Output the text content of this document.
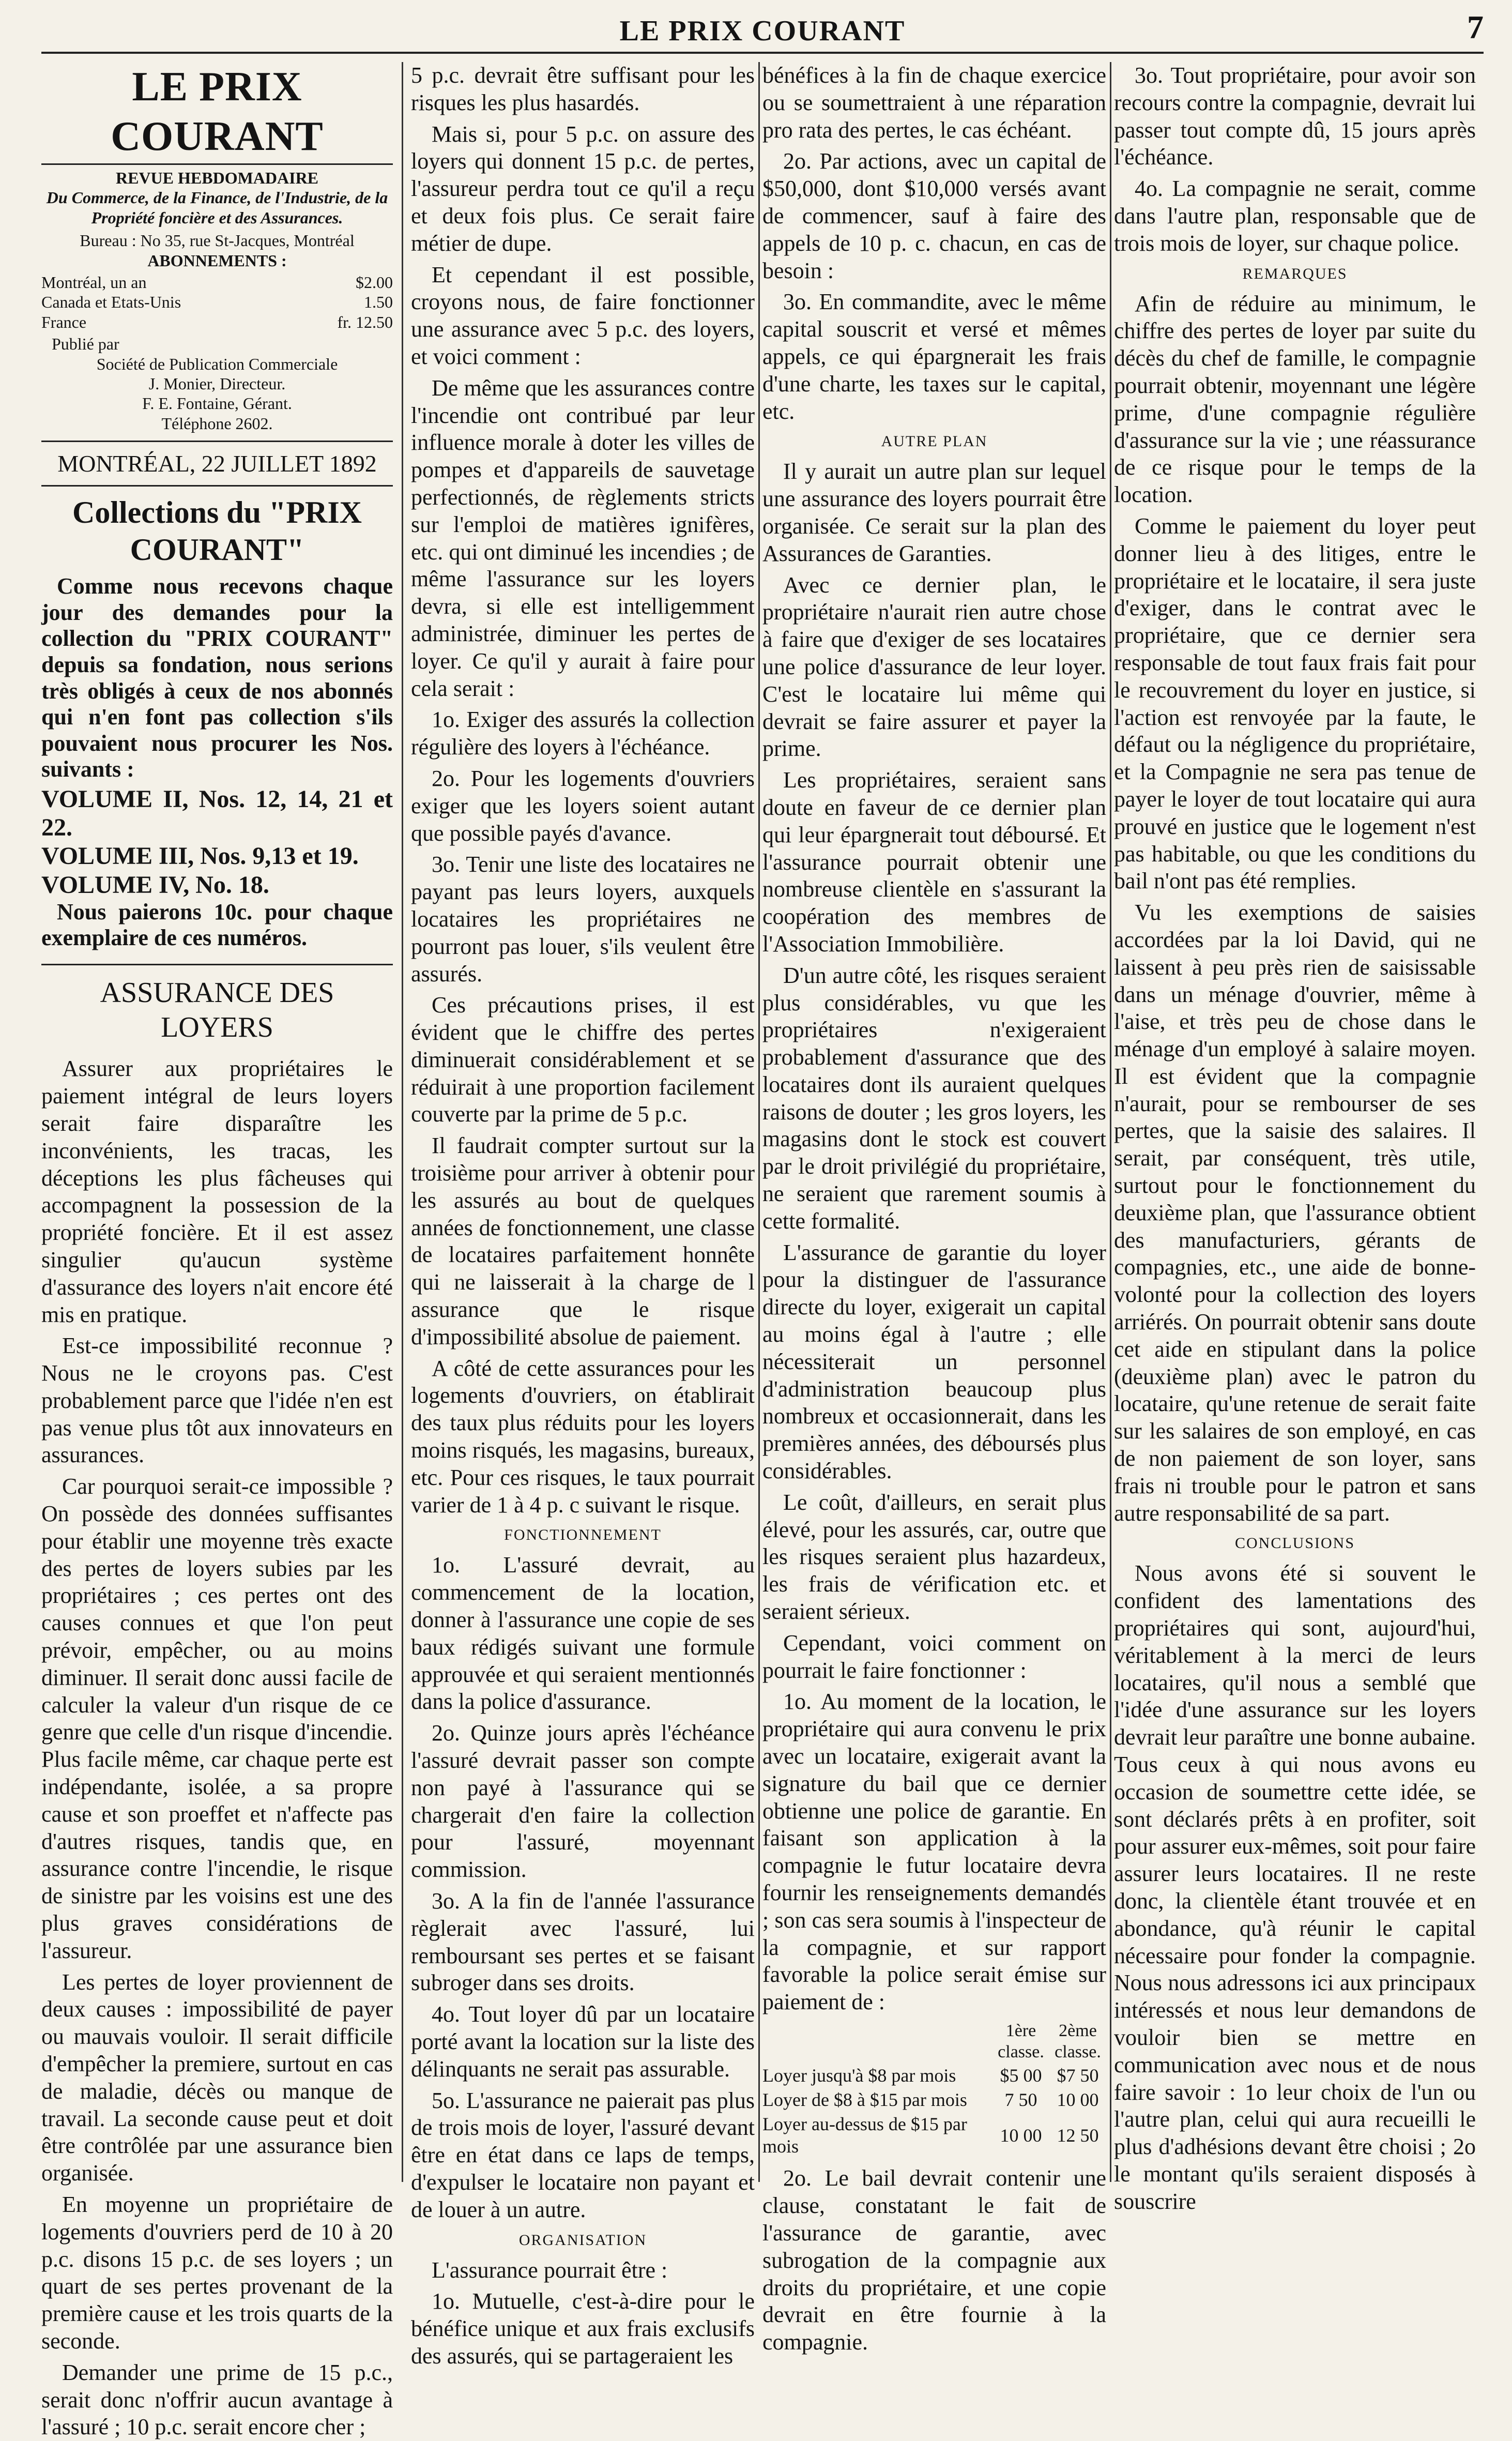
LE PRIX COURANT	7
LE PRIX COURANT
REVUE HEBDOMADAIRE
Du Commerce, de la Finance, de l'Industrie, de la Propriété foncière et des Assurances.
Bureau : No 35, rue St-Jacques, Montréal
ABONNEMENTS :
Montréal, un an	$2.00
Canada et Etats-Unis	1.50
France	fr. 12.50
Publié par
Société de Publication Commerciale
J. Monier, Directeur.
F. E. Fontaine, Gérant.
Téléphone 2602.
MONTRÉAL, 22 JUILLET 1892
Collections du "PRIX COURANT"

Comme nous recevons chaque jour des demandes pour la collection du "PRIX COURANT" depuis sa fondation, nous serions très obligés à ceux de nos abonnés qui n'en font pas collection s'ils pouvaient nous procurer les Nos. suivants :

VOLUME II, Nos. 12, 14, 21 et 22.

VOLUME III, Nos. 9,13 et 19.

VOLUME IV, No. 18.

Nous paierons 10c. pour chaque exemplaire de ces numéros.

ASSURANCE DES LOYERS

Assurer aux propriétaires le paiement intégral de leurs loyers serait faire disparaître les inconvénients, les tracas, les déceptions les plus fâcheuses qui accompagnent la possession de la propriété foncière. Et il est assez singulier qu'aucun système d'assurance des loyers n'ait encore été mis en pratique.

Est-ce impossibilité reconnue ? Nous ne le croyons pas. C'est probablement parce que l'idée n'en est pas venue plus tôt aux innovateurs en assurances.

Car pourquoi serait-ce impossible ? On possède des données suffisantes pour établir une moyenne très exacte des pertes de loyers subies par les propriétaires ; ces pertes ont des causes connues et que l'on peut prévoir, empêcher, ou au moins diminuer. Il serait donc aussi facile de calculer la valeur d'un risque de ce genre que celle d'un risque d'incendie. Plus facile même, car chaque perte est indépendante, isolée, a sa propre cause et son proeffet et n'affecte pas d'autres risques, tandis que, en assurance contre l'incendie, le risque de sinistre par les voisins est une des plus graves considérations de l'assureur.

Les pertes de loyer proviennent de deux causes : impossibilité de payer ou mauvais vouloir. Il serait difficile d'empêcher la premiere, surtout en cas de maladie, décès ou manque de travail. La seconde cause peut et doit être contrôlée par une assurance bien organisée.

En moyenne un propriétaire de logements d'ouvriers perd de 10 à 20 p.c. disons 15 p.c. de ses loyers ; un quart de ses pertes provenant de la première cause et les trois quarts de la seconde.

Demander une prime de 15 p.c., serait donc n'offrir aucun avantage à l'assuré ; 10 p.c. serait encore cher ;

5 p.c. devrait être suffisant pour les risques les plus hasardés.

Mais si, pour 5 p.c. on assure des loyers qui donnent 15 p.c. de pertes, l'assureur perdra tout ce qu'il a reçu et deux fois plus. Ce serait faire métier de dupe.

Et cependant il est possible, croyons nous, de faire fonctionner une assurance avec 5 p.c. des loyers, et voici comment :

De même que les assurances contre l'incendie ont contribué par leur influence morale à doter les villes de pompes et d'appareils de sauvetage perfectionnés, de règlements stricts sur l'emploi de matières ignifères, etc. qui ont diminué les incendies ; de même l'assurance sur les loyers devra, si elle est intelligemment administrée, diminuer les pertes de loyer. Ce qu'il y aurait à faire pour cela serait :

1o. Exiger des assurés la collection régulière des loyers à l'échéance.

2o. Pour les logements d'ouvriers exiger que les loyers soient autant que possible payés d'avance.

3o. Tenir une liste des locataires ne payant pas leurs loyers, auxquels locataires les propriétaires ne pourront pas louer, s'ils veulent être assurés.

Ces précautions prises, il est évident que le chiffre des pertes diminuerait considérablement et se réduirait à une proportion facilement couverte par la prime de 5 p.c.

Il faudrait compter surtout sur la troisième pour arriver à obtenir pour les assurés au bout de quelques années de fonctionnement, une classe de locataires parfaitement honnête qui ne laisserait à la charge de l assurance que le risque d'impossibilité absolue de paiement.

A côté de cette assurances pour les logements d'ouvriers, on établirait des taux plus réduits pour les loyers moins risqués, les magasins, bureaux, etc. Pour ces risques, le taux pourrait varier de 1 à 4 p. c suivant le risque.

FONCTIONNEMENT

1o. L'assuré devrait, au commencement de la location, donner à l'assurance une copie de ses baux rédigés suivant une formule approuvée et qui seraient mentionnés dans la police d'assurance.

2o. Quinze jours après l'échéance l'assuré devrait passer son compte non payé à l'assurance qui se chargerait d'en faire la collection pour l'assuré, moyennant commission.

3o. A la fin de l'année l'assurance règlerait avec l'assuré, lui remboursant ses pertes et se faisant subroger dans ses droits.

4o. Tout loyer dû par un locataire porté avant la location sur la liste des délinquants ne serait pas assurable.

5o. L'assurance ne paierait pas plus de trois mois de loyer, l'assuré devant être en état dans ce laps de temps, d'expulser le locataire non payant et de louer à un autre.

ORGANISATION

L'assurance pourrait être :

1o. Mutuelle, c'est-à-dire pour le bénéfice unique et aux frais exclusifs des assurés, qui se partageraient les

bénéfices à la fin de chaque exercice ou se soumettraient à une réparation pro rata des pertes, le cas échéant.

2o. Par actions, avec un capital de $50,000, dont $10,000 versés avant de commencer, sauf à faire des appels de 10 p. c. chacun, en cas de besoin :

3o. En commandite, avec le même capital souscrit et versé et mêmes appels, ce qui épargnerait les frais d'une charte, les taxes sur le capital, etc.

AUTRE PLAN

Il y aurait un autre plan sur lequel une assurance des loyers pourrait être organisée. Ce serait sur la plan des Assurances de Garanties.

Avec ce dernier plan, le propriétaire n'aurait rien autre chose à faire que d'exiger de ses locataires une police d'assurance de leur loyer. C'est le locataire lui même qui devrait se faire assurer et payer la prime.

Les propriétaires, seraient sans doute en faveur de ce dernier plan qui leur épargnerait tout déboursé. Et l'assurance pourrait obtenir une nombreuse clientèle en s'assurant la coopération des membres de l'Association Immobilière.

D'un autre côté, les risques seraient plus considérables, vu que les propriétaires n'exigeraient probablement d'assurance que des locataires dont ils auraient quelques raisons de douter ; les gros loyers, les magasins dont le stock est couvert par le droit privilégié du propriétaire, ne seraient que rarement soumis à cette formalité.

L'assurance de garantie du loyer pour la distinguer de l'assurance directe du loyer, exigerait un capital au moins égal à l'autre ; elle nécessiterait un personnel d'administration beaucoup plus nombreux et occasionnerait, dans les premières années, des déboursés plus considérables.

Le coût, d'ailleurs, en serait plus élevé, pour les assurés, car, outre que les risques seraient plus hazardeux, les frais de vérification etc. et seraient sérieux.

Cependant, voici comment on pourrait le faire fonctionner :

1o. Au moment de la location, le propriétaire qui aura convenu le prix avec un locataire, exigerait avant la signature du bail que ce dernier obtienne une police de garantie. En faisant son application à la compagnie le futur locataire devra fournir les renseignements demandés ; son cas sera soumis à l'inspecteur de la compagnie, et sur rapport favorable la police serait émise sur paiement de :

	1ère classe.	2ème classe.
Loyer jusqu'à $8 par mois	$5 00	$7 50
Loyer de $8 à $15 par mois	7 50	10 00
Loyer au-dessus de $15 par mois	10 00	12 50

2o. Le bail devrait contenir une clause, constatant le fait de l'assurance de garantie, avec subrogation de la compagnie aux droits du propriétaire, et une copie devrait en être fournie à la compagnie.

3o. Tout propriétaire, pour avoir son recours contre la compagnie, devrait lui passer tout compte dû, 15 jours après l'échéance.

4o. La compagnie ne serait, comme dans l'autre plan, responsable que de trois mois de loyer, sur chaque police.

REMARQUES

Afin de réduire au minimum, le chiffre des pertes de loyer par suite du décès du chef de famille, le compagnie pourrait obtenir, moyennant une légère prime, d'une compagnie régulière d'assurance sur la vie ; une réassurance de ce risque pour le temps de la location.

Comme le paiement du loyer peut donner lieu à des litiges, entre le propriétaire et le locataire, il sera juste d'exiger, dans le contrat avec le propriétaire, que ce dernier sera responsable de tout faux frais fait pour le recouvrement du loyer en justice, si l'action est renvoyée par la faute, le défaut ou la négligence du propriétaire, et la Compagnie ne sera pas tenue de payer le loyer de tout locataire qui aura prouvé en justice que le logement n'est pas habitable, ou que les conditions du bail n'ont pas été remplies.

Vu les exemptions de saisies accordées par la loi David, qui ne laissent à peu près rien de saisissable dans un ménage d'ouvrier, même à l'aise, et très peu de chose dans le ménage d'un employé à salaire moyen. Il est évident que la compagnie n'aurait, pour se rembourser de ses pertes, que la saisie des salaires. Il serait, par conséquent, très utile, surtout pour le fonctionnement du deuxième plan, que l'assurance obtient des manufacturiers, gérants de compagnies, etc., une aide de bonne-volonté pour la collection des loyers arriérés. On pourrait obtenir sans doute cet aide en stipulant dans la police (deuxième plan) avec le patron du locataire, qu'une retenue de serait faite sur les salaires de son employé, en cas de non paiement de son loyer, sans frais ni trouble pour le patron et sans autre responsabilité de sa part.

CONCLUSIONS

Nous avons été si souvent le confident des lamentations des propriétaires qui sont, aujourd'hui, véritablement à la merci de leurs locataires, qu'il nous a semblé que l'idée d'une assurance sur les loyers devrait leur paraître une bonne aubaine. Tous ceux à qui nous avons eu occasion de soumettre cette idée, se sont déclarés prêts à en profiter, soit pour assurer eux-mêmes, soit pour faire assurer leurs locataires. Il ne reste donc, la clientèle étant trouvée et en abondance, qu'à réunir le capital nécessaire pour fonder la compagnie. Nous nous adressons ici aux principaux intéressés et nous leur demandons de vouloir bien se mettre en communication avec nous et de nous faire savoir : 1o leur choix de l'un ou l'autre plan, celui qui aura recueilli le plus d'adhésions devant être choisi ; 2o le montant qu'ils seraient disposés à souscrire
